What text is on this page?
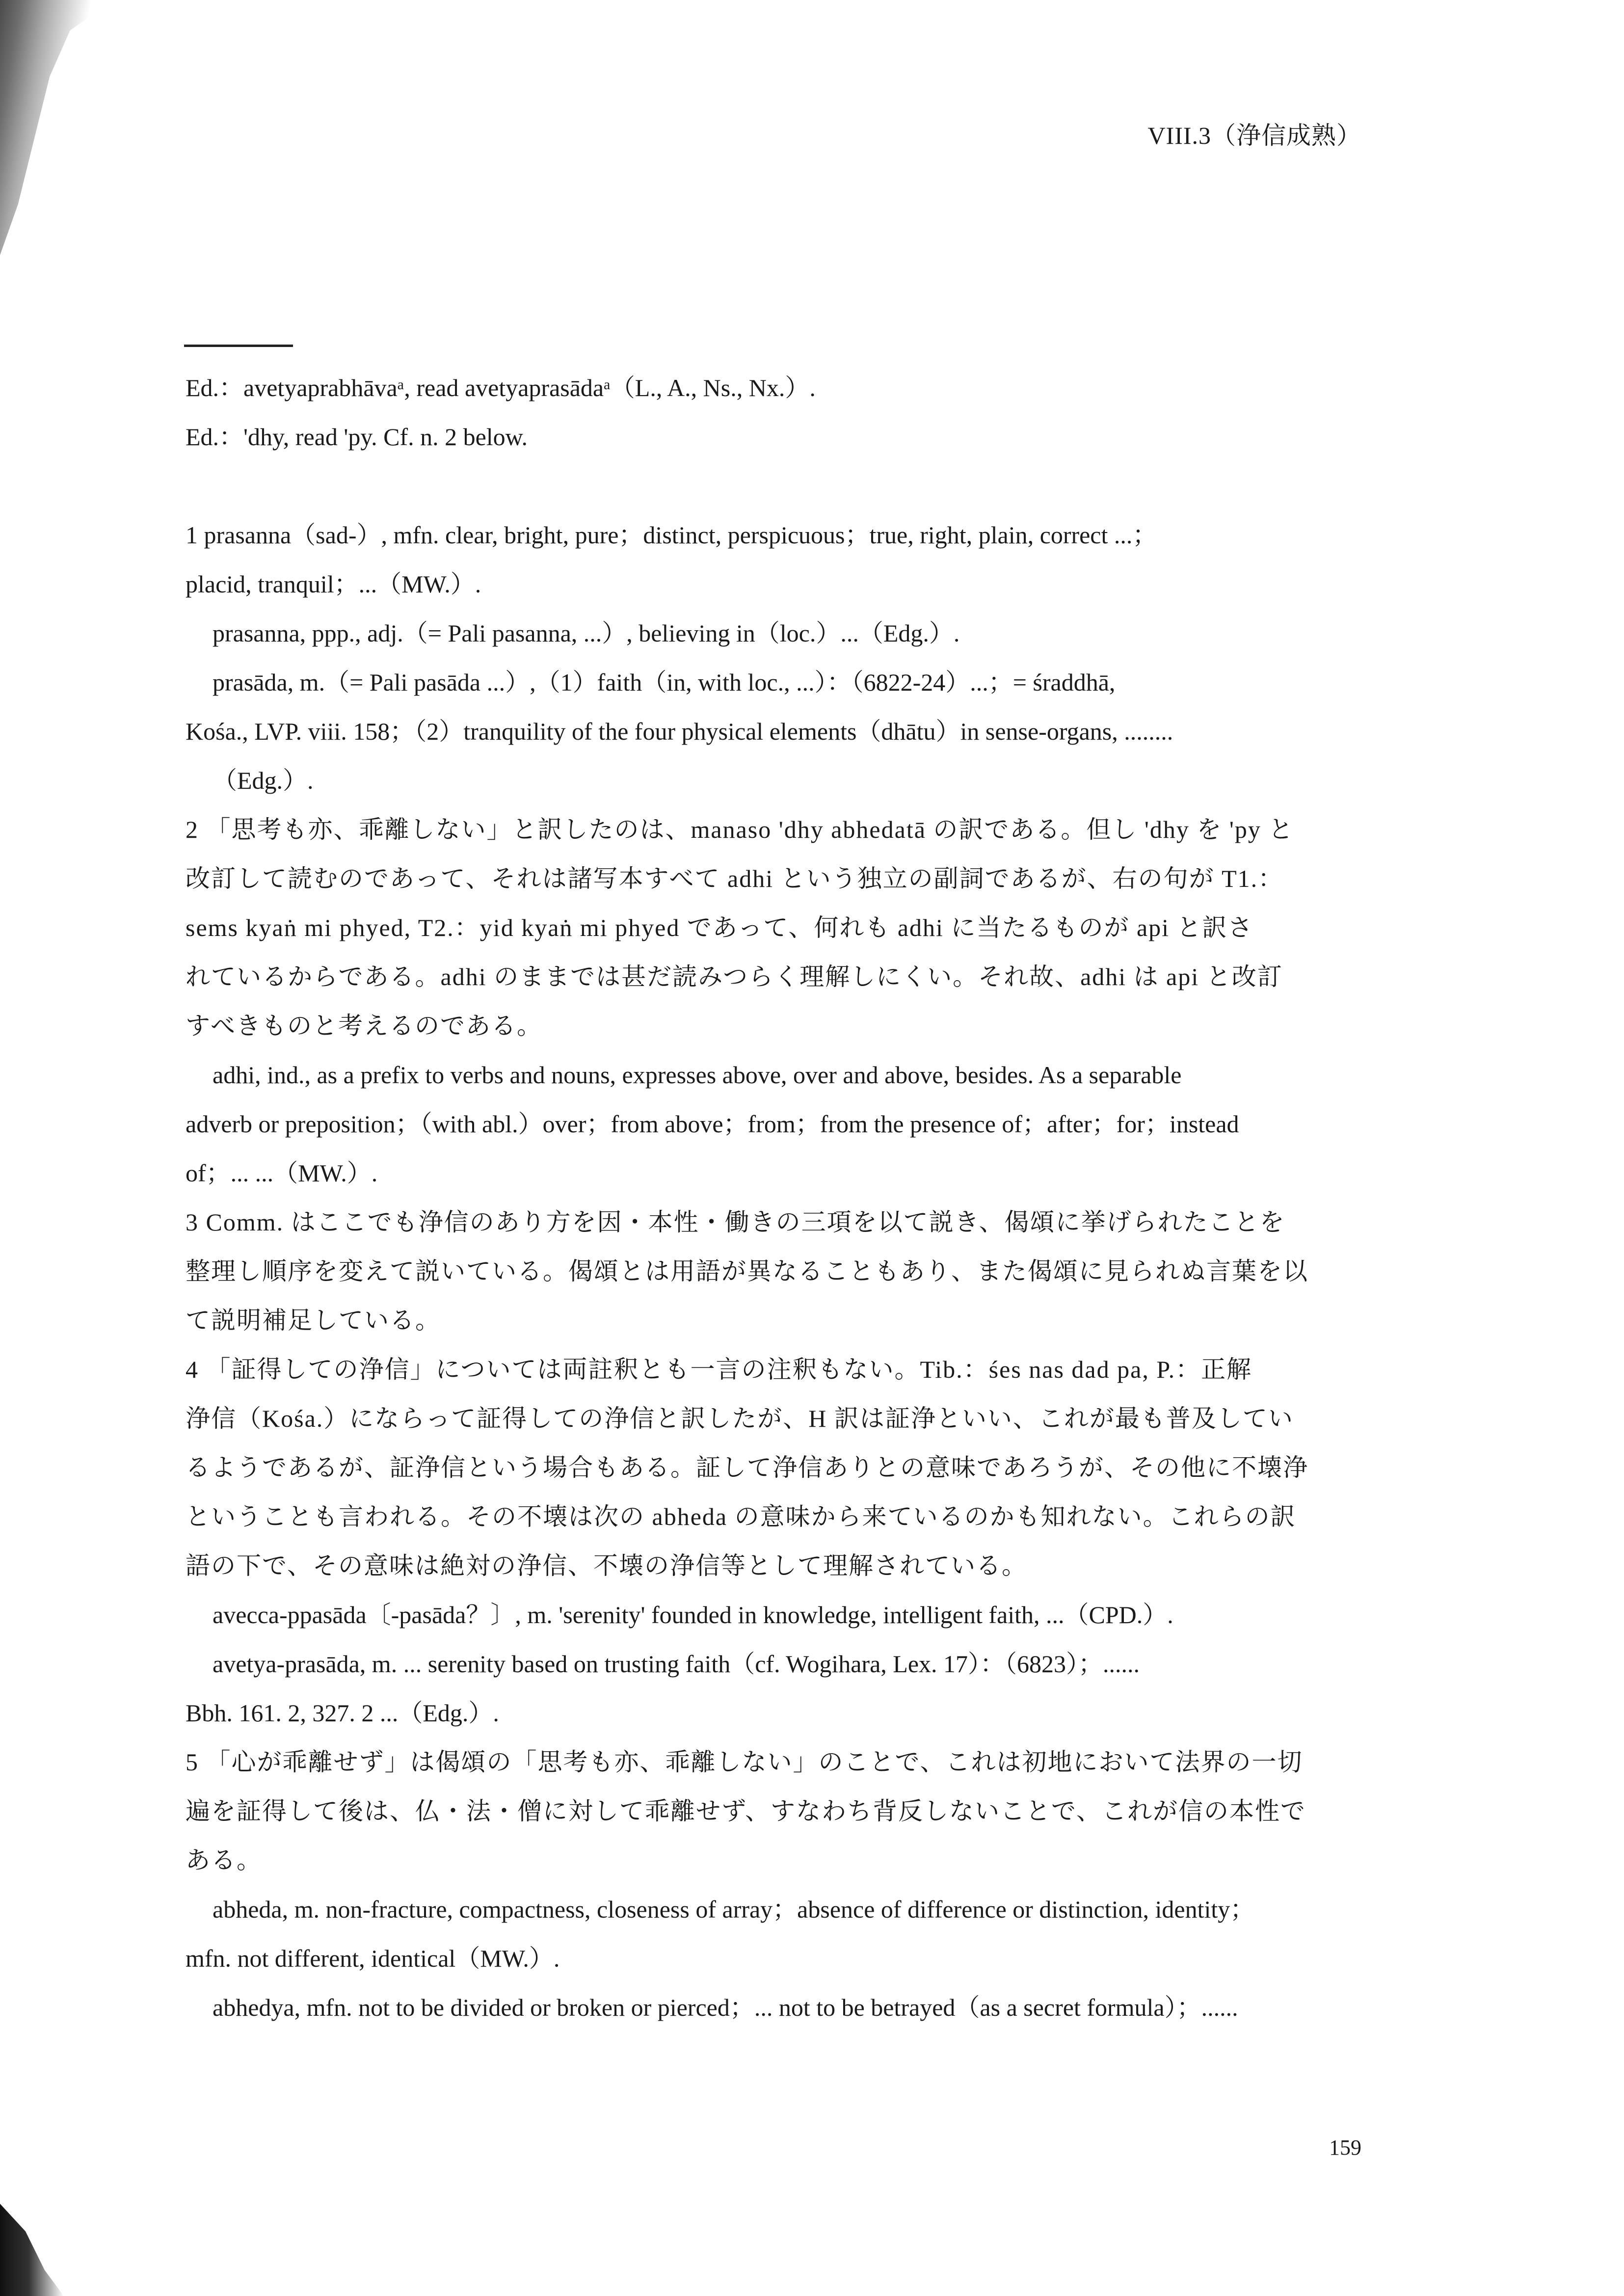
VIII.3（浄信成熟）

Ed.：avetyaprabhāvaᵃ, read avetyaprasādaᵃ（L., A., Ns., Nx.）.

Ed.：'dhy, read 'py. Cf. n. 2 below.

1 prasanna（sad-）, mfn. clear, bright, pure；distinct, perspicuous；true, right, plain, correct ...；

placid, tranquil；...（MW.）.

prasanna, ppp., adj.（= Pali pasanna, ...）, believing in（loc.）...（Edg.）.

prasāda, m.（= Pali pasāda ...）,（1）faith（in, with loc., ...）：（6822-24）...；= śraddhā,

Kośa., LVP. viii. 158；（2）tranquility of the four physical elements（dhātu）in sense-organs, ........

（Edg.）.

2 「思考も亦、乖離しない」と訳したのは、manaso 'dhy abhedatā の訳である。但し 'dhy を 'py と

改訂して読むのであって、それは諸写本すべて adhi という独立の副詞であるが、右の句が T1.：

sems kyaṅ mi phyed, T2.：yid kyaṅ mi phyed であって、何れも adhi に当たるものが api と訳さ

れているからである。adhi のままでは甚だ読みつらく理解しにくい。それ故、adhi は api と改訂

すべきものと考えるのである。

adhi, ind., as a prefix to verbs and nouns, expresses above, over and above, besides. As a separable

adverb or preposition；（with abl.）over；from above；from；from the presence of；after；for；instead

of；... ...（MW.）.

3 Comm. はここでも浄信のあり方を因・本性・働きの三項を以て説き、偈頌に挙げられたことを

整理し順序を変えて説いている。偈頌とは用語が異なることもあり、また偈頌に見られぬ言葉を以

て説明補足している。

4 「証得しての浄信」については両註釈とも一言の注釈もない。Tib.：śes nas dad pa, P.：正解

浄信（Kośa.）にならって証得しての浄信と訳したが、H 訳は証浄といい、これが最も普及してい

るようであるが、証浄信という場合もある。証して浄信ありとの意味であろうが、その他に不壊浄

ということも言われる。その不壊は次の abheda の意味から来ているのかも知れない。これらの訳

語の下で、その意味は絶対の浄信、不壊の浄信等として理解されている。

avecca-ppasāda〔-pasāda？〕, m. 'serenity' founded in knowledge, intelligent faith, ...（CPD.）.

avetya-prasāda, m. ... serenity based on trusting faith（cf. Wogihara, Lex. 17）：（6823）；......

Bbh. 161. 2, 327. 2 ...（Edg.）.

5 「心が乖離せず」は偈頌の「思考も亦、乖離しない」のことで、これは初地において法界の一切

遍を証得して後は、仏・法・僧に対して乖離せず、すなわち背反しないことで、これが信の本性で

ある。

abheda, m. non-fracture, compactness, closeness of array；absence of difference or distinction, identity；

mfn. not different, identical（MW.）.

abhedya, mfn. not to be divided or broken or pierced；... not to be betrayed（as a secret formula）；......

159
